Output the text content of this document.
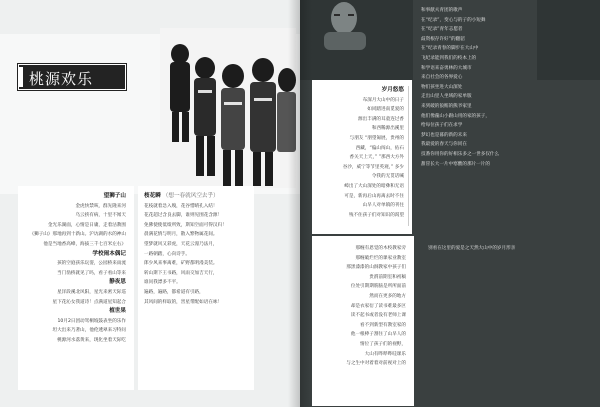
桃源欢乐
望狮子山
金虎快禁咳，群先隆来河
乌云挟有病，十里不闻天
金光乐湖面，心情是日庸，走着沽教围
《狮子山》那地再到十新山。沪访湖的水的神山
他是当地香高峰，海拔三千七百米左右》
学校闹本偶记
孩的空庭孩乐玩耍，公园桥来雨流
当门翁桥就见了吗，看子看山等来
静夜思
星洋段溪北风阳，星光来密天际巡
星下花沁女我道诗！点满道星知起合
植世果
10月2日团动驾桐坡鼓表坐的乐作
坦大出来乃著山，他伦透翠来习特问
桃源河水落黄来，现化坐着天际吃
桜花瞬 （想一春就风空去乎）
花枝就着急入嗅，花谷惜晴孔入结！
花花超过含良去脚，谁则见围花含源！
免佛使使低绩所致，斯知空面可得汉归！
晨满花情与明月，散入繁物属花间。
望梦就风又彩虎，天花云漫乃法月，
一路朝踏，心向诗手。
郎少风来事离难，矿野都明漫美装。
转山斯下王书路，风雨交加吉天行，
谁问我漂多不平。
遍路，遍路，都希道有引路，
其风间的样取的，害星带配如语在咏！
岁月悠悠
布深月大山中的日子
如同踏进南觅爱的
源出丰满的耳童连过香
和西稀源出溪里
与朋友 “朋望匍展，贵州的
西藏，“偏山闯山，佑石
香关天上天，” ”那西大方外
谷沙，威宁等节里英观，” 多少
令我的无贯话喊
嶂出了大山深处的暗彝和无语
可是，新再后山再离去时不住
山早人对单镇的刊往
残不住孩子们对知识的渴望
和事献夫青团的歌声
在“纪录”，变心与的子的小短舞
在“纪录”青年志愿者
歧资根存许好”的翻貂
在“纪录青春的脚步在大山中
飞纪录能到我们的校本上的
和学语来奋勇林的大城市
来自社会的各界爱心
物们孩坐进大山深处
走出山里人坐域的家单版
来到破的狼贿的熊爷家里
他们像藻山小跟山用的家的孩子，
给每位孩子们在求学
梦幻也是暮的新的未来
我最爱的春天与你同在
技番你用你的好相乐多之一世多仅什么
甜冒长大一片中寒酸的那片一片的
那缠有恩觉的木校教家旁
那缠破烂烂的课家业教室
那黑漆漆的山洞教家中孩子们
贵渭前期室和初稿
位处引期期筋脑是所所面前
然而在更多的地方
却是衣家衍了读书难最多区
读不起书或者没有老师上课
看不到新型有教室家的
他一根棒子割住了山早人的
情位了孩子们的视野，
大山有哔哔哔哇课乐
与之生中对着着对前视对上的
别看在这里的爱是之天然大山中的岁月形亲
